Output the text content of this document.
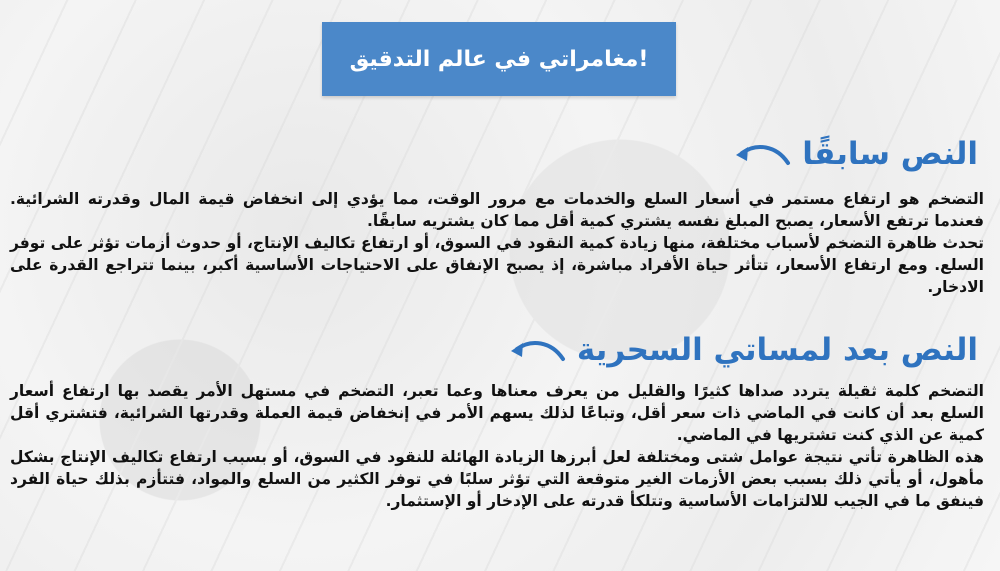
مغامراتي في عالم التدقيق!
النص سابقًا

التضخم هو ارتفاع مستمر في أسعار السلع والخدمات مع مرور الوقت، مما يؤدي إلى انخفاض قيمة المال وقدرته الشرائية. فعندما ترتفع الأسعار، يصبح المبلغ نفسه يشتري كمية أقل مما كان يشتريه سابقًا.

تحدث ظاهرة التضخم لأسباب مختلفة، منها زيادة كمية النقود في السوق، أو ارتفاع تكاليف الإنتاج، أو حدوث أزمات تؤثر على توفر السلع. ومع ارتفاع الأسعار، تتأثر حياة الأفراد مباشرة، إذ يصبح الإنفاق على الاحتياجات الأساسية أكبر، بينما تتراجع القدرة على الادخار.

النص بعد لمساتي السحرية

التضخم كلمة ثقيلة يتردد صداها كثيرًا والقليل من يعرف معناها وعما تعبر، التضخم في مستهل الأمر يقصد بها ارتفاع أسعار السلع بعد أن كانت في الماضي ذات سعر أقل، وتباعًا لذلك يسهم الأمر في إنخفاض قيمة العملة وقدرتها الشرائية، فتشتري أقل كمية عن الذي كنت تشتريها في الماضي.

هذه الظاهرة تأتي نتيجة عوامل شتى ومختلفة لعل أبرزها الزيادة الهائلة للنقود في السوق، أو بسبب ارتفاع تكاليف الإنتاج بشكل مأهول، أو يأتي ذلك بسبب بعض الأزمات الغير متوقعة التي تؤثر سلبًا في توفر الكثير من السلع والمواد، فتتأزم بذلك حياة الفرد فينفق ما في الجيب للالتزامات الأساسية وتتلكأ قدرته على الإدخار أو الإستثمار.
